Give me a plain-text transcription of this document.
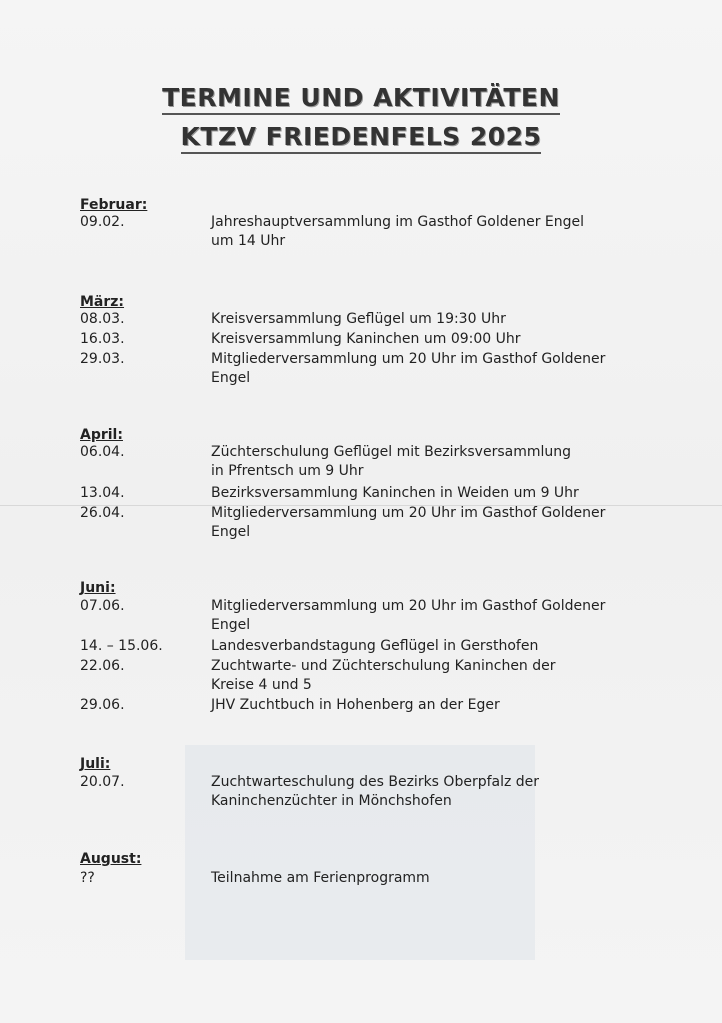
TERMINE UND AKTIVITÄTEN
KTZV FRIEDENFELS 2025
Februar:
09.02.	Jahreshauptversammlung im Gasthof Goldener Engel
um 14 Uhr
März:
08.03.	Kreisversammlung Geflügel um 19:30 Uhr
16.03.	Kreisversammlung Kaninchen um 09:00 Uhr
29.03.	Mitgliederversammlung um 20 Uhr im Gasthof Goldener
Engel
April:
06.04.	Züchterschulung Geflügel mit Bezirksversammlung
in Pfrentsch um 9 Uhr
13.04.	Bezirksversammlung Kaninchen in Weiden um 9 Uhr
26.04.	Mitgliederversammlung um 20 Uhr im Gasthof Goldener
Engel
Juni:
07.06.	Mitgliederversammlung um 20 Uhr im Gasthof Goldener
Engel
14. – 15.06.	Landesverbandstagung Geflügel in Gersthofen
22.06.	Zuchtwarte- und Züchterschulung Kaninchen der
Kreise 4 und 5
29.06.	JHV Zuchtbuch in Hohenberg an der Eger
Juli:
20.07.	Zuchtwarteschulung des Bezirks Oberpfalz der
Kaninchenzüchter in Mönchshofen
August:
??	Teilnahme am Ferienprogramm
